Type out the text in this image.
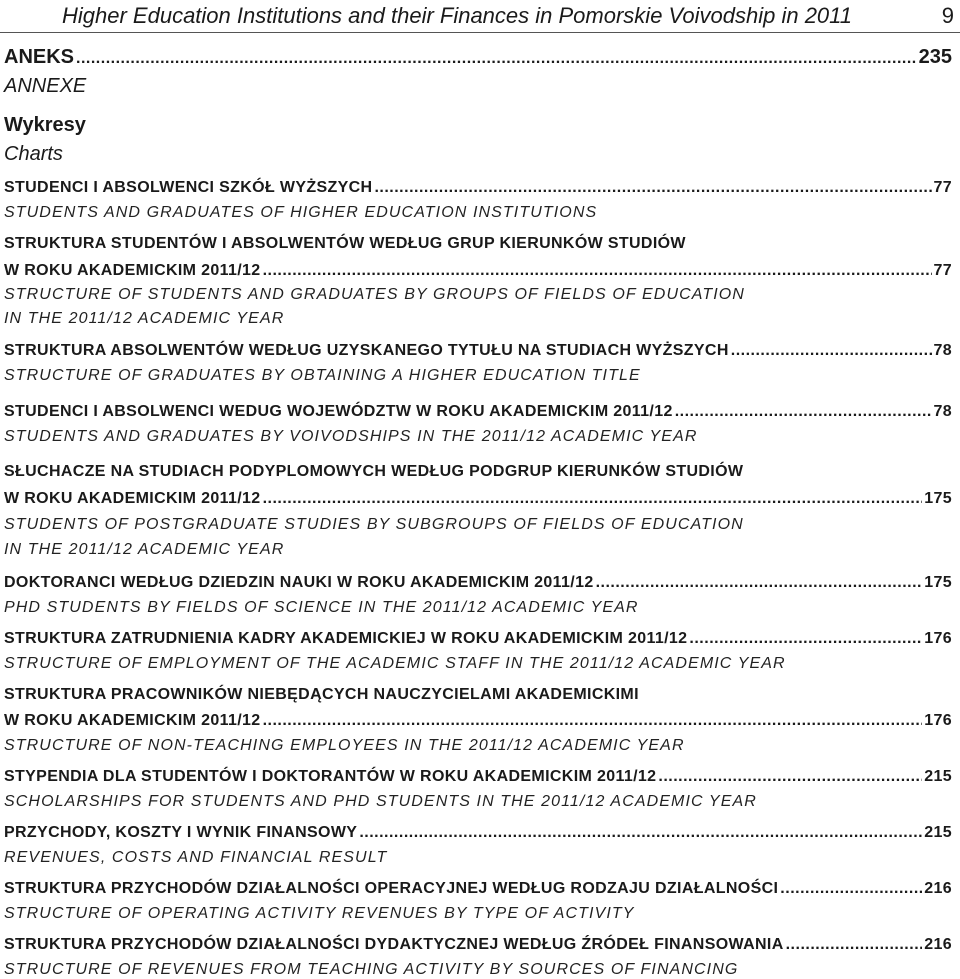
Higher Education Institutions and their Finances in Pomorskie Voivodship in 2011	9
ANEKS .....	235
ANNEXE
Wykresy
Charts
STUDENCI I ABSOLWENCI SZKÓŁ WYŻSZYCH .....	77
STUDENTS AND GRADUATES OF HIGHER EDUCATION INSTITUTIONS
STRUKTURA STUDENTÓW I ABSOLWENTÓW WEDŁUG GRUP KIERUNKÓW STUDIÓW
W ROKU AKADEMICKIM 2011/12 .....	77
STRUCTURE OF STUDENTS AND GRADUATES BY GROUPS OF FIELDS OF EDUCATION
IN THE 2011/12 ACADEMIC YEAR
STRUKTURA ABSOLWENTÓW WEDŁUG UZYSKANEGO TYTUŁU NA STUDIACH WYŻSZYCH .....	78
STRUCTURE OF GRADUATES BY OBTAINING A HIGHER EDUCATION TITLE
STUDENCI I ABSOLWENCI WEDUG WOJEWÓDZTW W ROKU AKADEMICKIM 2011/12 .....	78
STUDENTS AND GRADUATES BY VOIVODSHIPS IN THE 2011/12 ACADEMIC YEAR
SŁUCHACZE NA STUDIACH PODYPLOMOWYCH WEDŁUG PODGRUP KIERUNKÓW STUDIÓW
W ROKU AKADEMICKIM 2011/12 .....	175
STUDENTS OF POSTGRADUATE STUDIES BY SUBGROUPS OF FIELDS OF EDUCATION
IN THE 2011/12 ACADEMIC YEAR
DOKTORANCI WEDŁUG DZIEDZIN NAUKI W ROKU AKADEMICKIM 2011/12 .....	175
PHD STUDENTS BY FIELDS OF SCIENCE IN THE 2011/12 ACADEMIC YEAR
STRUKTURA ZATRUDNIENIA KADRY AKADEMICKIEJ W ROKU AKADEMICKIM 2011/12 .....	176
STRUCTURE OF EMPLOYMENT OF THE ACADEMIC STAFF IN THE 2011/12 ACADEMIC YEAR
STRUKTURA PRACOWNIKÓW NIEBĘDĄCYCH NAUCZYCIELAMI AKADEMICKIMI
W ROKU AKADEMICKIM 2011/12 .....	176
STRUCTURE OF NON-TEACHING EMPLOYEES IN THE 2011/12 ACADEMIC YEAR
STYPENDIA DLA STUDENTÓW I DOKTORANTÓW W ROKU AKADEMICKIM 2011/12 .....	215
SCHOLARSHIPS FOR STUDENTS AND PHD STUDENTS IN THE 2011/12 ACADEMIC YEAR
PRZYCHODY, KOSZTY I WYNIK FINANSOWY .....	215
REVENUES, COSTS AND FINANCIAL RESULT
STRUKTURA PRZYCHODÓW DZIAŁALNOŚCI OPERACYJNEJ WEDŁUG RODZAJU DZIAŁALNOŚCI .....	216
STRUCTURE OF OPERATING ACTIVITY REVENUES BY TYPE OF ACTIVITY
STRUKTURA PRZYCHODÓW DZIAŁALNOŚCI DYDAKTYCZNEJ WEDŁUG ŹRÓDEŁ FINANSOWANIA .....	216
STRUCTURE OF REVENUES FROM TEACHING ACTIVITY BY SOURCES OF FINANCING
